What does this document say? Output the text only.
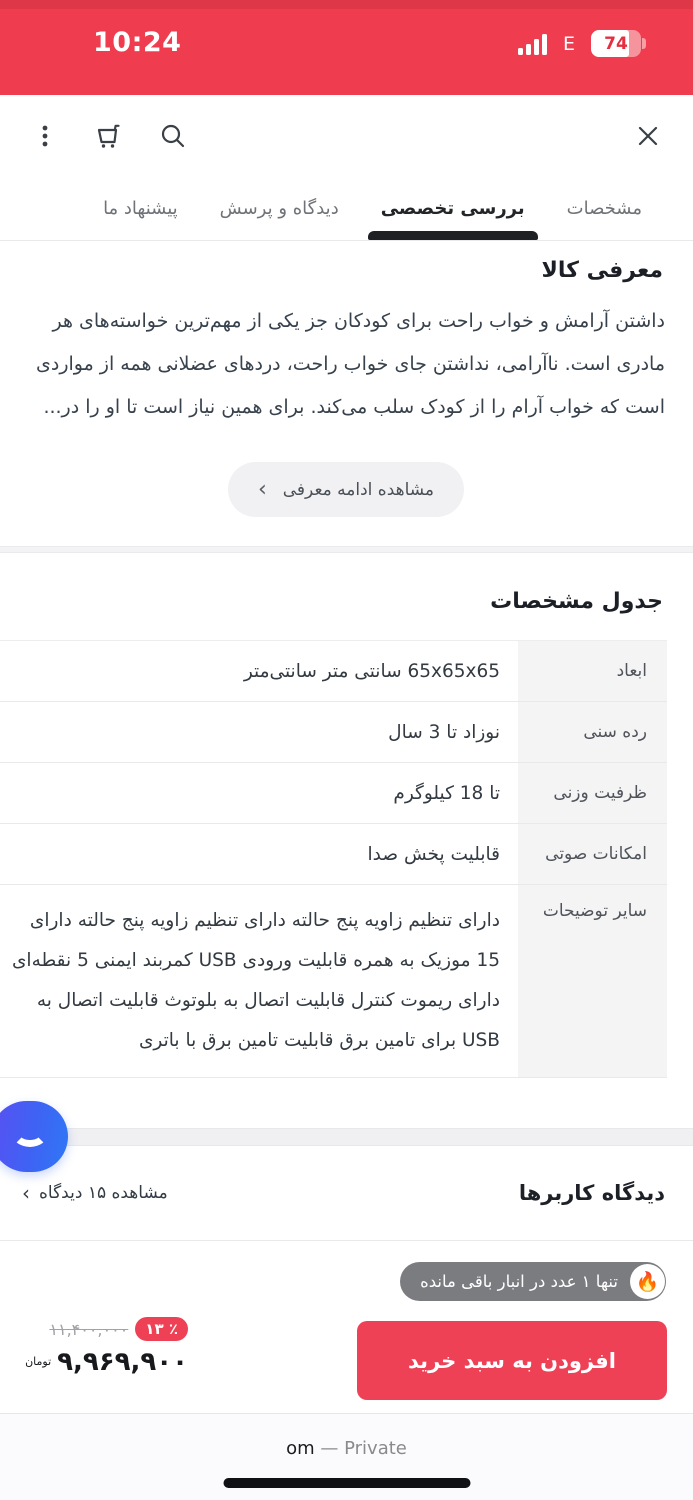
10:24	E	74
مشخصات
بررسی تخصصی
دیدگاه و پرسش
پیشنهاد ما
معرفی کالا
داشتن آرامش و خواب راحت برای کودکان جز یکی از مهم‌ترین خواسته‌های هر مادری است. ناآرامی، نداشتن جای خواب راحت، دردهای عضلانی همه از مواردی است که خواب آرام را از کودک سلب می‌کند. برای همین نیاز است تا او را در...
مشاهده ادامه معرفی
‹
جدول مشخصات
ابعاد
65x65x65 سانتی متر سانتی‌متر
رده سنی
نوزاد تا 3 سال
ظرفیت وزنی
تا 18 کیلوگرم
امکانات صوتی
قابلیت پخش صدا
سایر توضیحات
دارای تنظیم زاویه پنج حالته دارای تنظیم زاویه پنج حالته دارای 15 موزیک به همره قابلیت ورودی USB کمربند ایمنی 5 نقطه‌ای دارای ریموت کنترل قابلیت اتصال به بلوتوث قابلیت اتصال به USB برای تامین برق قابلیت تامین برق با باتری
دیدگاه کاربرها
مشاهده ۱۵ دیدگاه
‹
تنها ۱ عدد در انبار باقی مانده 🔥
افزودن به سبد خرید
۱۳ ٪
۱۱,۴۰۰,۰۰۰
۹,۹۶۹,۹۰۰
تومان
om — Private
